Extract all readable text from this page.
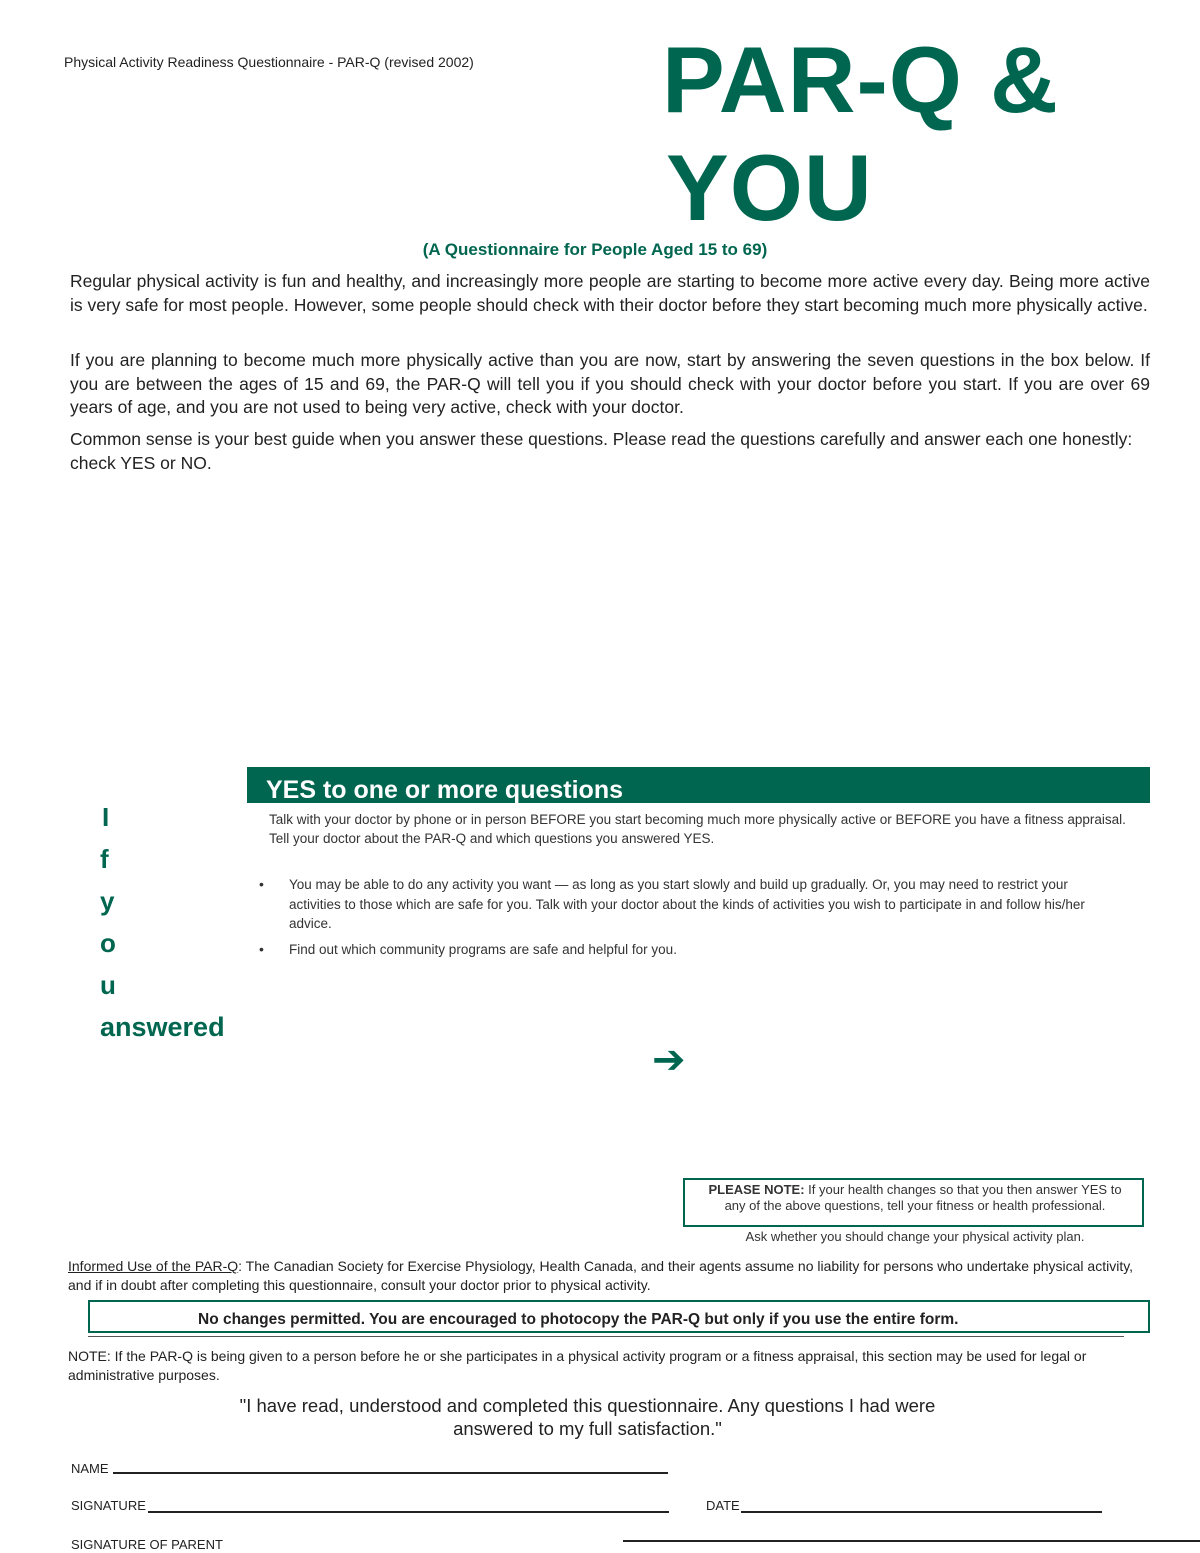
Physical Activity Readiness Questionnaire - PAR-Q (revised 2002) PAR-Q &
YOU
(A Questionnaire for People Aged 15 to 69)
Regular physical activity is fun and healthy, and increasingly more people are starting to become more active every day. Being more active is very safe for most people. However, some people should check with their doctor before they start becoming much more physically active.
If you are planning to become much more physically active than you are now, start by answering the seven questions in the box below. If you are between the ages of 15 and 69, the PAR-Q will tell you if you should check with your doctor before you start. If you are over 69 years of age, and you are not used to being very active, check with your doctor.
Common sense is your best guide when you answer these questions. Please read the questions carefully and answer each one honestly: check YES or NO.
I
f
y
o
u
answered
YES to one or more questions
Talk with your doctor by phone or in person BEFORE you start becoming much more physically active or BEFORE you have a fitness appraisal. Tell your doctor about the PAR-Q and which questions you answered YES.
• You may be able to do any activity you want — as long as you start slowly and build up gradually. Or, you may need to restrict your activities to those which are safe for you. Talk with your doctor about the kinds of activities you wish to participate in and follow his/her advice.
• Find out which community programs are safe and helpful for you.
➔
PLEASE NOTE: If your health changes so that you then answer YES to any of the above questions, tell your fitness or health professional.
Ask whether you should change your physical activity plan.
Informed Use of the PAR-Q: The Canadian Society for Exercise Physiology, Health Canada, and their agents assume no liability for persons who undertake physical activity, and if in doubt after completing this questionnaire, consult your doctor prior to physical activity.
No changes permitted. You are encouraged to photocopy the PAR-Q but only if you use the entire form.
NOTE: If the PAR-Q is being given to a person before he or she participates in a physical activity program or a fitness appraisal, this section may be used for legal or administrative purposes.
"I have read, understood and completed this questionnaire. Any questions I had were
answered to my full satisfaction."
NAME
SIGNATURE	DATE
SIGNATURE OF PARENT
